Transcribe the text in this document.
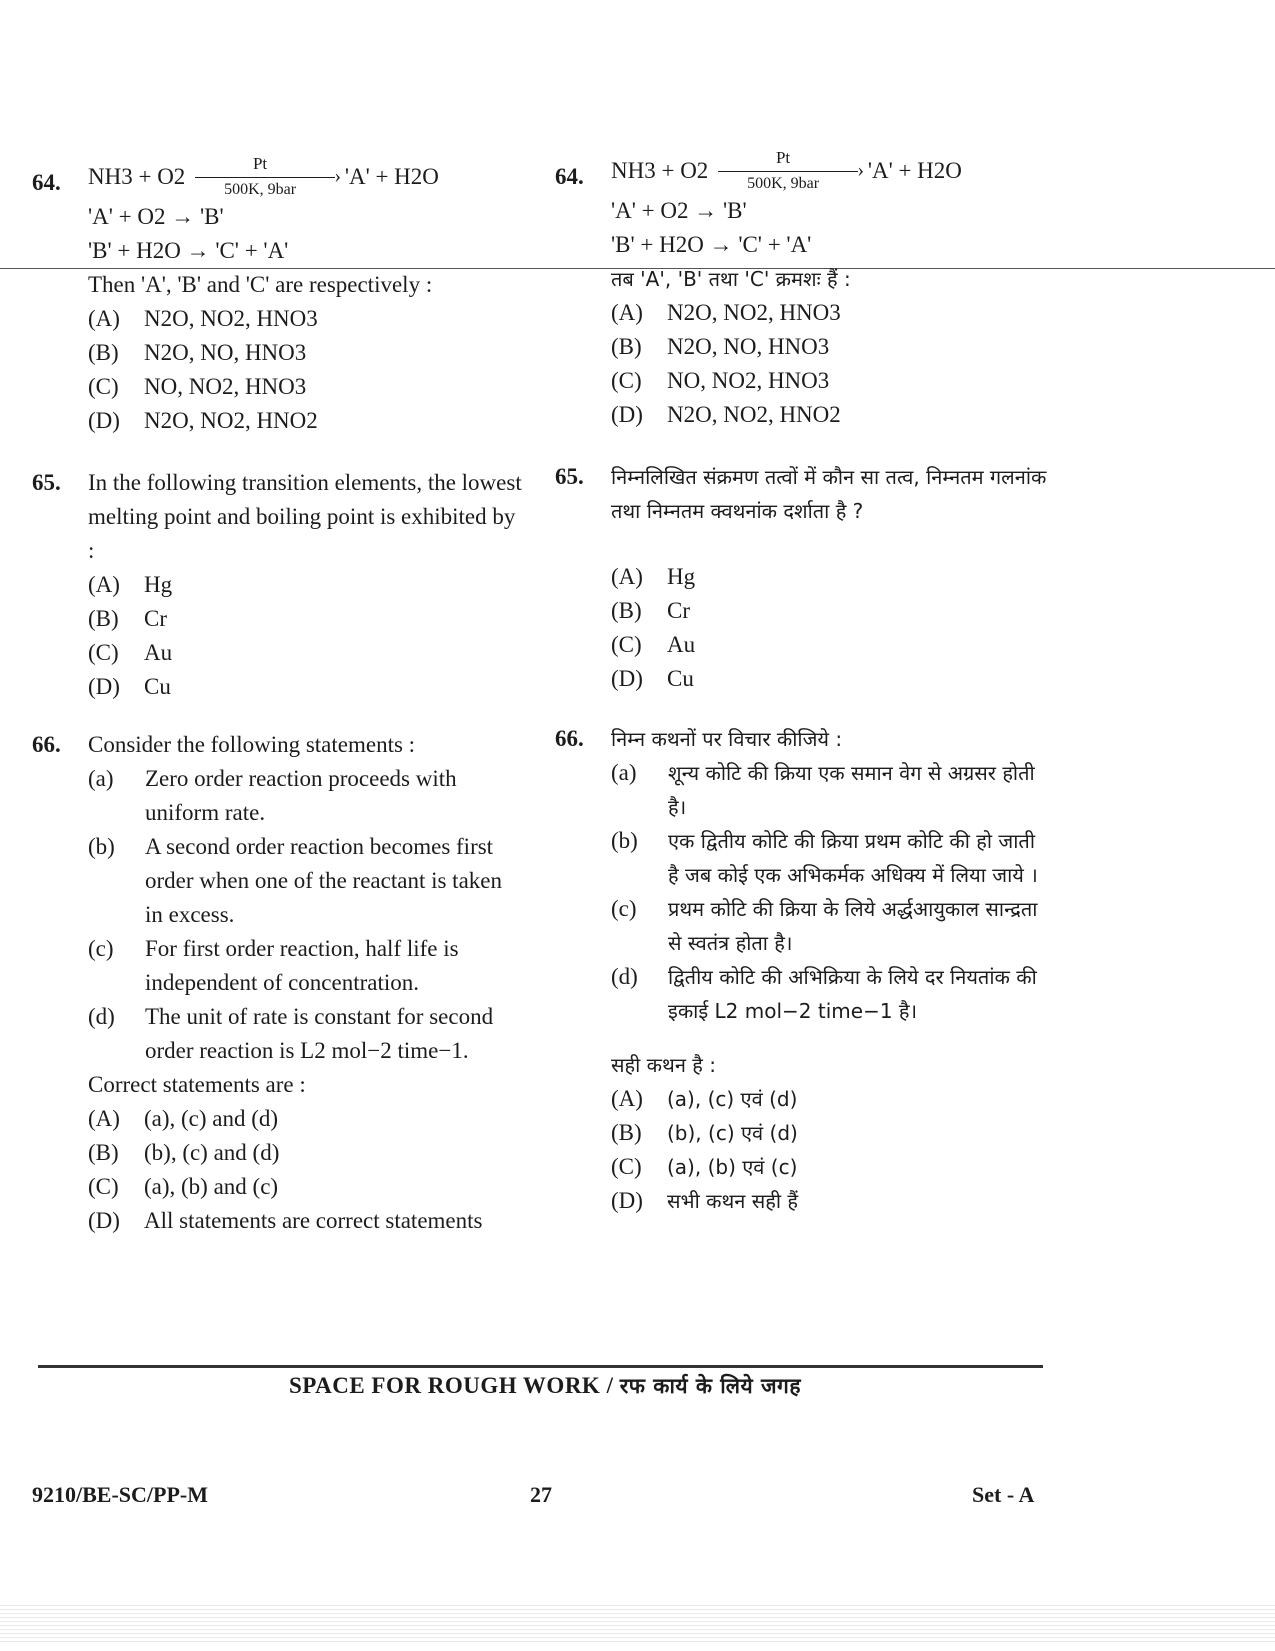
64.	NH3 + O2
Pt
›
500K, 9bar
'A' + H2O
'A' + O2 → 'B'
'B' + H2O → 'C' + 'A'
Then 'A', 'B' and 'C' are respectively :
(A)	N2O, NO2, HNO3
(B)	N2O, NO, HNO3
(C)	NO, NO2, HNO3
(D)	N2O, NO2, HNO2
65.	In the following transition elements, the lowest melting point and boiling point is exhibited by :
(A)	Hg
(B)	Cr
(C)	Au
(D)	Cu
66.	Consider the following statements :
(a)	Zero order reaction proceeds with uniform rate.
(b)	A second order reaction becomes first order when one of the reactant is taken in excess.
(c)	For first order reaction, half life is independent of concentration.
(d)	The unit of rate is constant for second order reaction is L2 mol−2 time−1.
Correct statements are :
(A)	(a), (c) and (d)
(B)	(b), (c) and (d)
(C)	(a), (b) and (c)
(D)	All statements are correct statements
64.	NH3 + O2
Pt
›
500K, 9bar
'A' + H2O
'A' + O2 → 'B'
'B' + H2O → 'C' + 'A'
तब 'A', 'B' तथा 'C' क्रमशः हैं :
(A)	N2O, NO2, HNO3
(B)	N2O, NO, HNO3
(C)	NO, NO2, HNO3
(D)	N2O, NO2, HNO2
65.	निम्नलिखित संक्रमण तत्वों में कौन सा तत्व, निम्नतम गलनांक तथा निम्नतम क्वथनांक दर्शाता है ?
(A)	Hg
(B)	Cr
(C)	Au
(D)	Cu
66.	निम्न कथनों पर विचार कीजिये :
(a)	शून्य कोटि की क्रिया एक समान वेग से अग्रसर होती है।
(b)	एक द्वितीय कोटि की क्रिया प्रथम कोटि की हो जाती है जब कोई एक अभिकर्मक अधिक्य में लिया जाये ।
(c)	प्रथम कोटि की क्रिया के लिये अर्द्धआयुकाल सान्द्रता से स्वतंत्र होता है।
(d)	द्वितीय कोटि की अभिक्रिया के लिये दर नियतांक की इकाई L2 mol−2 time−1 है।
सही कथन है :
(A)	(a), (c) एवं (d)
(B)	(b), (c) एवं (d)
(C)	(a), (b) एवं (c)
(D)	सभी कथन सही हैं
SPACE FOR ROUGH WORK / रफ कार्य के लिये जगह
9210/BE-SC/PP-M	27	Set - A
